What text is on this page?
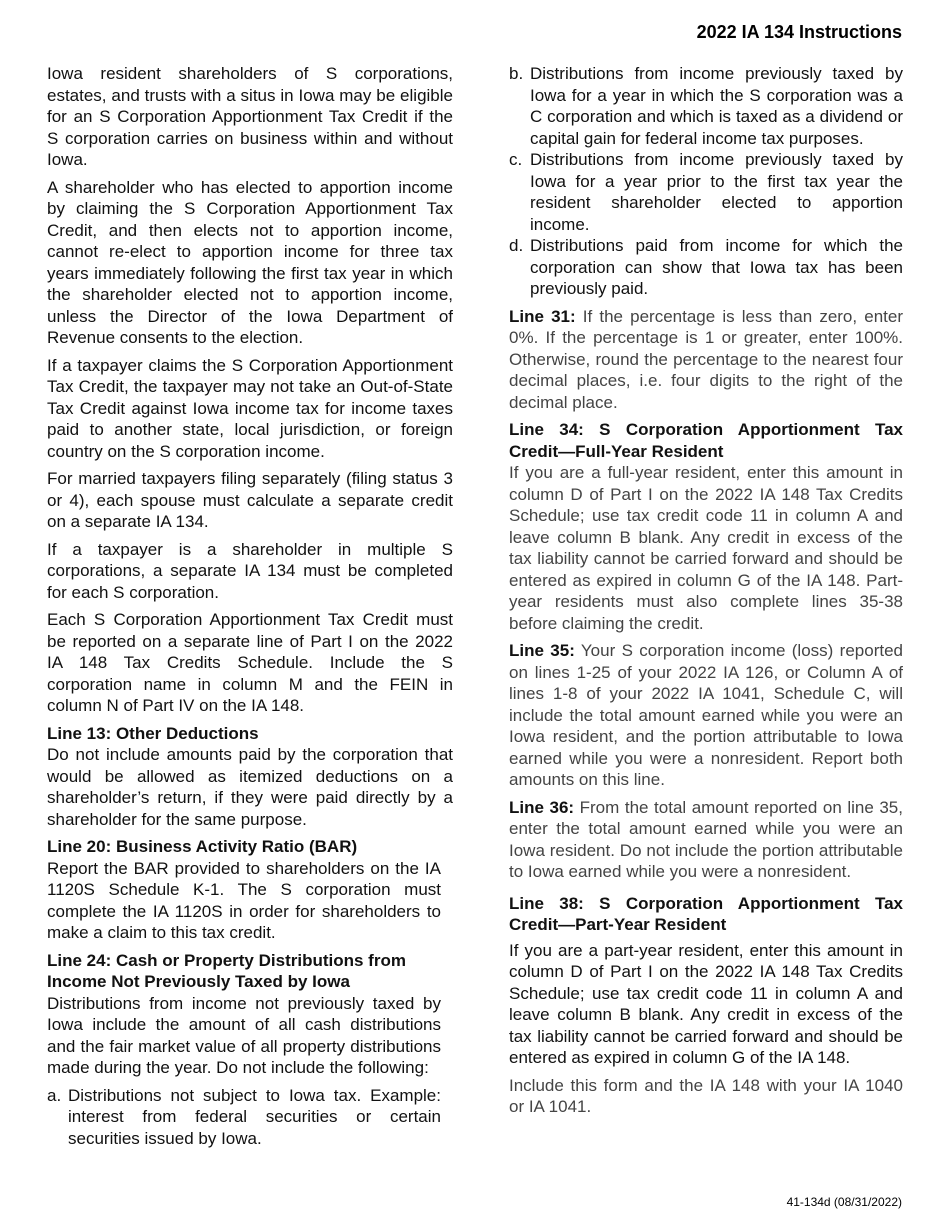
2022 IA 134 Instructions

Iowa resident shareholders of S corporations, estates, and trusts with a situs in Iowa may be eligible for an S Corporation Apportionment Tax Credit if the S corporation carries on business within and without Iowa.

A shareholder who has elected to apportion income by claiming the S Corporation Apportionment Tax Credit, and then elects not to apportion income, cannot re-elect to apportion income for three tax years immediately following the first tax year in which the shareholder elected not to apportion income, unless the Director of the Iowa Department of Revenue consents to the election.

If a taxpayer claims the S Corporation Apportionment Tax Credit, the taxpayer may not take an Out-of-State Tax Credit against Iowa income tax for income taxes paid to another state, local jurisdiction, or foreign country on the S corporation income.

For married taxpayers filing separately (filing status 3 or 4), each spouse must calculate a separate credit on a separate IA 134.

If a taxpayer is a shareholder in multiple S corporations, a separate IA 134 must be completed for each S corporation.

Each S Corporation Apportionment Tax Credit must be reported on a separate line of Part I on the 2022 IA 148 Tax Credits Schedule. Include the S corporation name in column M and the FEIN in column N of Part IV on the IA 148.

Line 13: Other Deductions
Do not include amounts paid by the corporation that would be allowed as itemized deductions on a shareholder’s return, if they were paid directly by a shareholder for the same purpose.
Line 20: Business Activity Ratio (BAR)
Report the BAR provided to shareholders on the IA 1120S Schedule K-1. The S corporation must complete the IA 1120S in order for shareholders to make a claim to this tax credit.
Line 24: Cash or Property Distributions from Income Not Previously Taxed by Iowa
Distributions from income not previously taxed by Iowa include the amount of all cash distributions and the fair market value of all property distributions made during the year. Do not include the following:
a. Distributions not subject to Iowa tax. Example: interest from federal securities or certain securities issued by Iowa.
b. Distributions from income previously taxed by Iowa for a year in which the S corporation was a C corporation and which is taxed as a dividend or capital gain for federal income tax purposes.
c. Distributions from income previously taxed by Iowa for a year prior to the first tax year the resident shareholder elected to apportion income.
d. Distributions paid from income for which the corporation can show that Iowa tax has been previously paid.

Line 31: If the percentage is less than zero, enter 0%. If the percentage is 1 or greater, enter 100%. Otherwise, round the percentage to the nearest four decimal places, i.e. four digits to the right of the decimal place.

Line 34: S Corporation Apportionment Tax Credit—Full-Year Resident
If you are a full-year resident, enter this amount in column D of Part I on the 2022 IA 148 Tax Credits Schedule; use tax credit code 11 in column A and leave column B blank. Any credit in excess of the tax liability cannot be carried forward and should be entered as expired in column G of the IA 148. Part-year residents must also complete lines 35-38 before claiming the credit.

Line 35: Your S corporation income (loss) reported on lines 1-25 of your 2022 IA 126, or Column A of lines 1-8 of your 2022 IA 1041, Schedule C, will include the total amount earned while you were an Iowa resident, and the portion attributable to Iowa earned while you were a nonresident. Report both amounts on this line.

Line 36: From the total amount reported on line 35, enter the total amount earned while you were an Iowa resident. Do not include the portion attributable to Iowa earned while you were a nonresident.

Line 38: S Corporation Apportionment Tax Credit—Part-Year Resident
If you are a part-year resident, enter this amount in column D of Part I on the 2022 IA 148 Tax Credits Schedule; use tax credit code 11 in column A and leave column B blank. Any credit in excess of the tax liability cannot be carried forward and should be entered as expired in column G of the IA 148.

Include this form and the IA 148 with your IA 1040 or IA 1041.

41-134d (08/31/2022)
